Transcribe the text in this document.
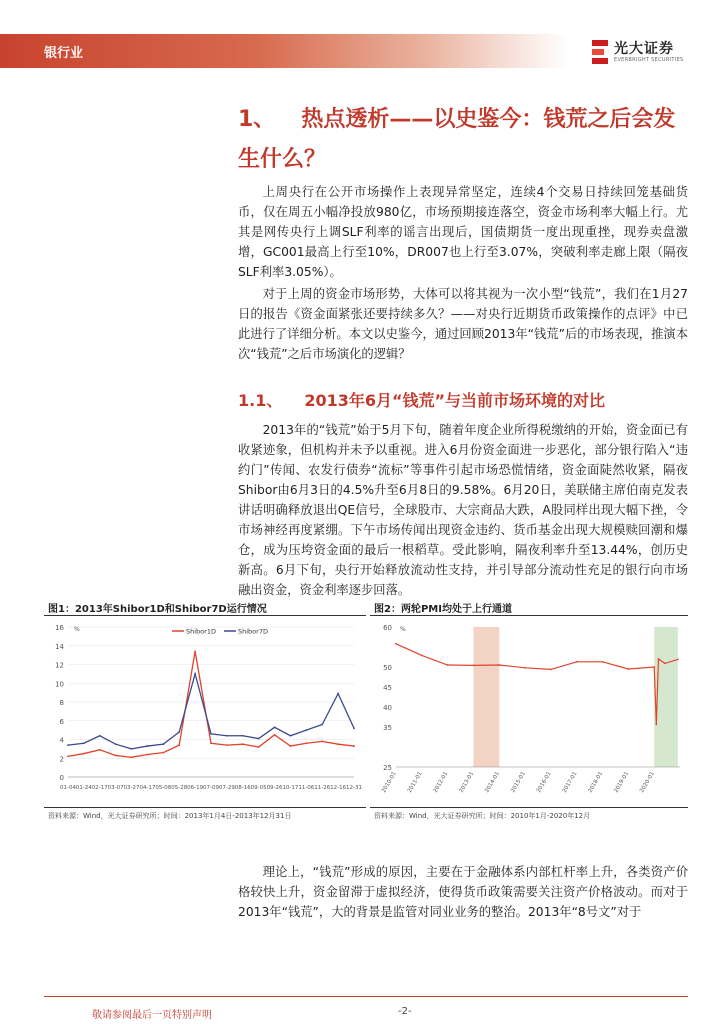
银行业	光大证券
EVERBRIGHT SECURITIES
1、 热点透析——以史鉴今：钱荒之后会发生什么？
上周央行在公开市场操作上表现异常坚定，连续4个交易日持续回笼基础货币，仅在周五小幅净投放980亿，市场预期接连落空，资金市场利率大幅上行。尤其是网传央行上调SLF利率的谣言出现后，国债期货一度出现重挫，现券卖盘激增，GC001最高上行至10%，DR007也上行至3.07%，突破利率走廊上限（隔夜SLF利率3.05%）。
对于上周的资金市场形势，大体可以将其视为一次小型“钱荒”，我们在1月27日的报告《资金面紧张还要持续多久？——对央行近期货币政策操作的点评》中已此进行了详细分析。本文以史鉴今，通过回顾2013年“钱荒”后的市场表现，推演本次“钱荒”之后市场演化的逻辑？
1.1、 2013年6月“钱荒”与当前市场环境的对比
2013年的“钱荒”始于5月下旬，随着年度企业所得税缴纳的开始，资金面已有收紧迹象，但机构并未予以重视。进入6月份资金面进一步恶化，部分银行陷入“违约门”传闻、农发行债券“流标”等事件引起市场恐慌情绪，资金面陡然收紧，隔夜Shibor由6月3日的4.5%升至6月8日的9.58%。6月20日，美联储主席伯南克发表讲话明确释放退出QE信号，全球股市、大宗商品大跌，A股同样出现大幅下挫，令市场神经再度紧绷。下午市场传闻出现资金违约、货币基金出现大规模赎回潮和爆仓，成为压垮资金面的最后一根稻草。受此影响，隔夜利率升至13.44%，创历史新高。6月下旬，央行开始释放流动性支持，并引导部分流动性充足的银行向市场融出资金，资金利率逐步回落。
图1：2013年Shibor1D和Shibor7D运行情况
0
2
4
6
8
10
12
14
16 %
01-04 01-24 02-17 03-07 03-27 04-17 05-08 05-28 06-19 07-09 07-29 08-16 09-05 09-26 10-17 11-06 11-26 12-16 12-31
Shibor1D	Shibor7D
资料来源：Wind，光大证券研究所；时间：2013年1月4日-2013年12月31日
图2：两轮PMI均处于上行通道
25
35
40
45
50
60 %
2010-01 2011-01 2012-01 2013-01 2014-01 2015-01 2016-01 2017-01 2018-01 2019-01 2020-01
资料来源：Wind，光大证券研究所；时间：2010年1月-2020年12月
理论上，“钱荒”形成的原因，主要在于金融体系内部杠杆率上升，各类资产价格较快上升，资金留滞于虚拟经济，使得货币政策需要关注资产价格波动。而对于2013年“钱荒”，大的背景是监管对同业业务的整治。2013年“8号文”对于
敬请参阅最后一页特别声明	-2-
